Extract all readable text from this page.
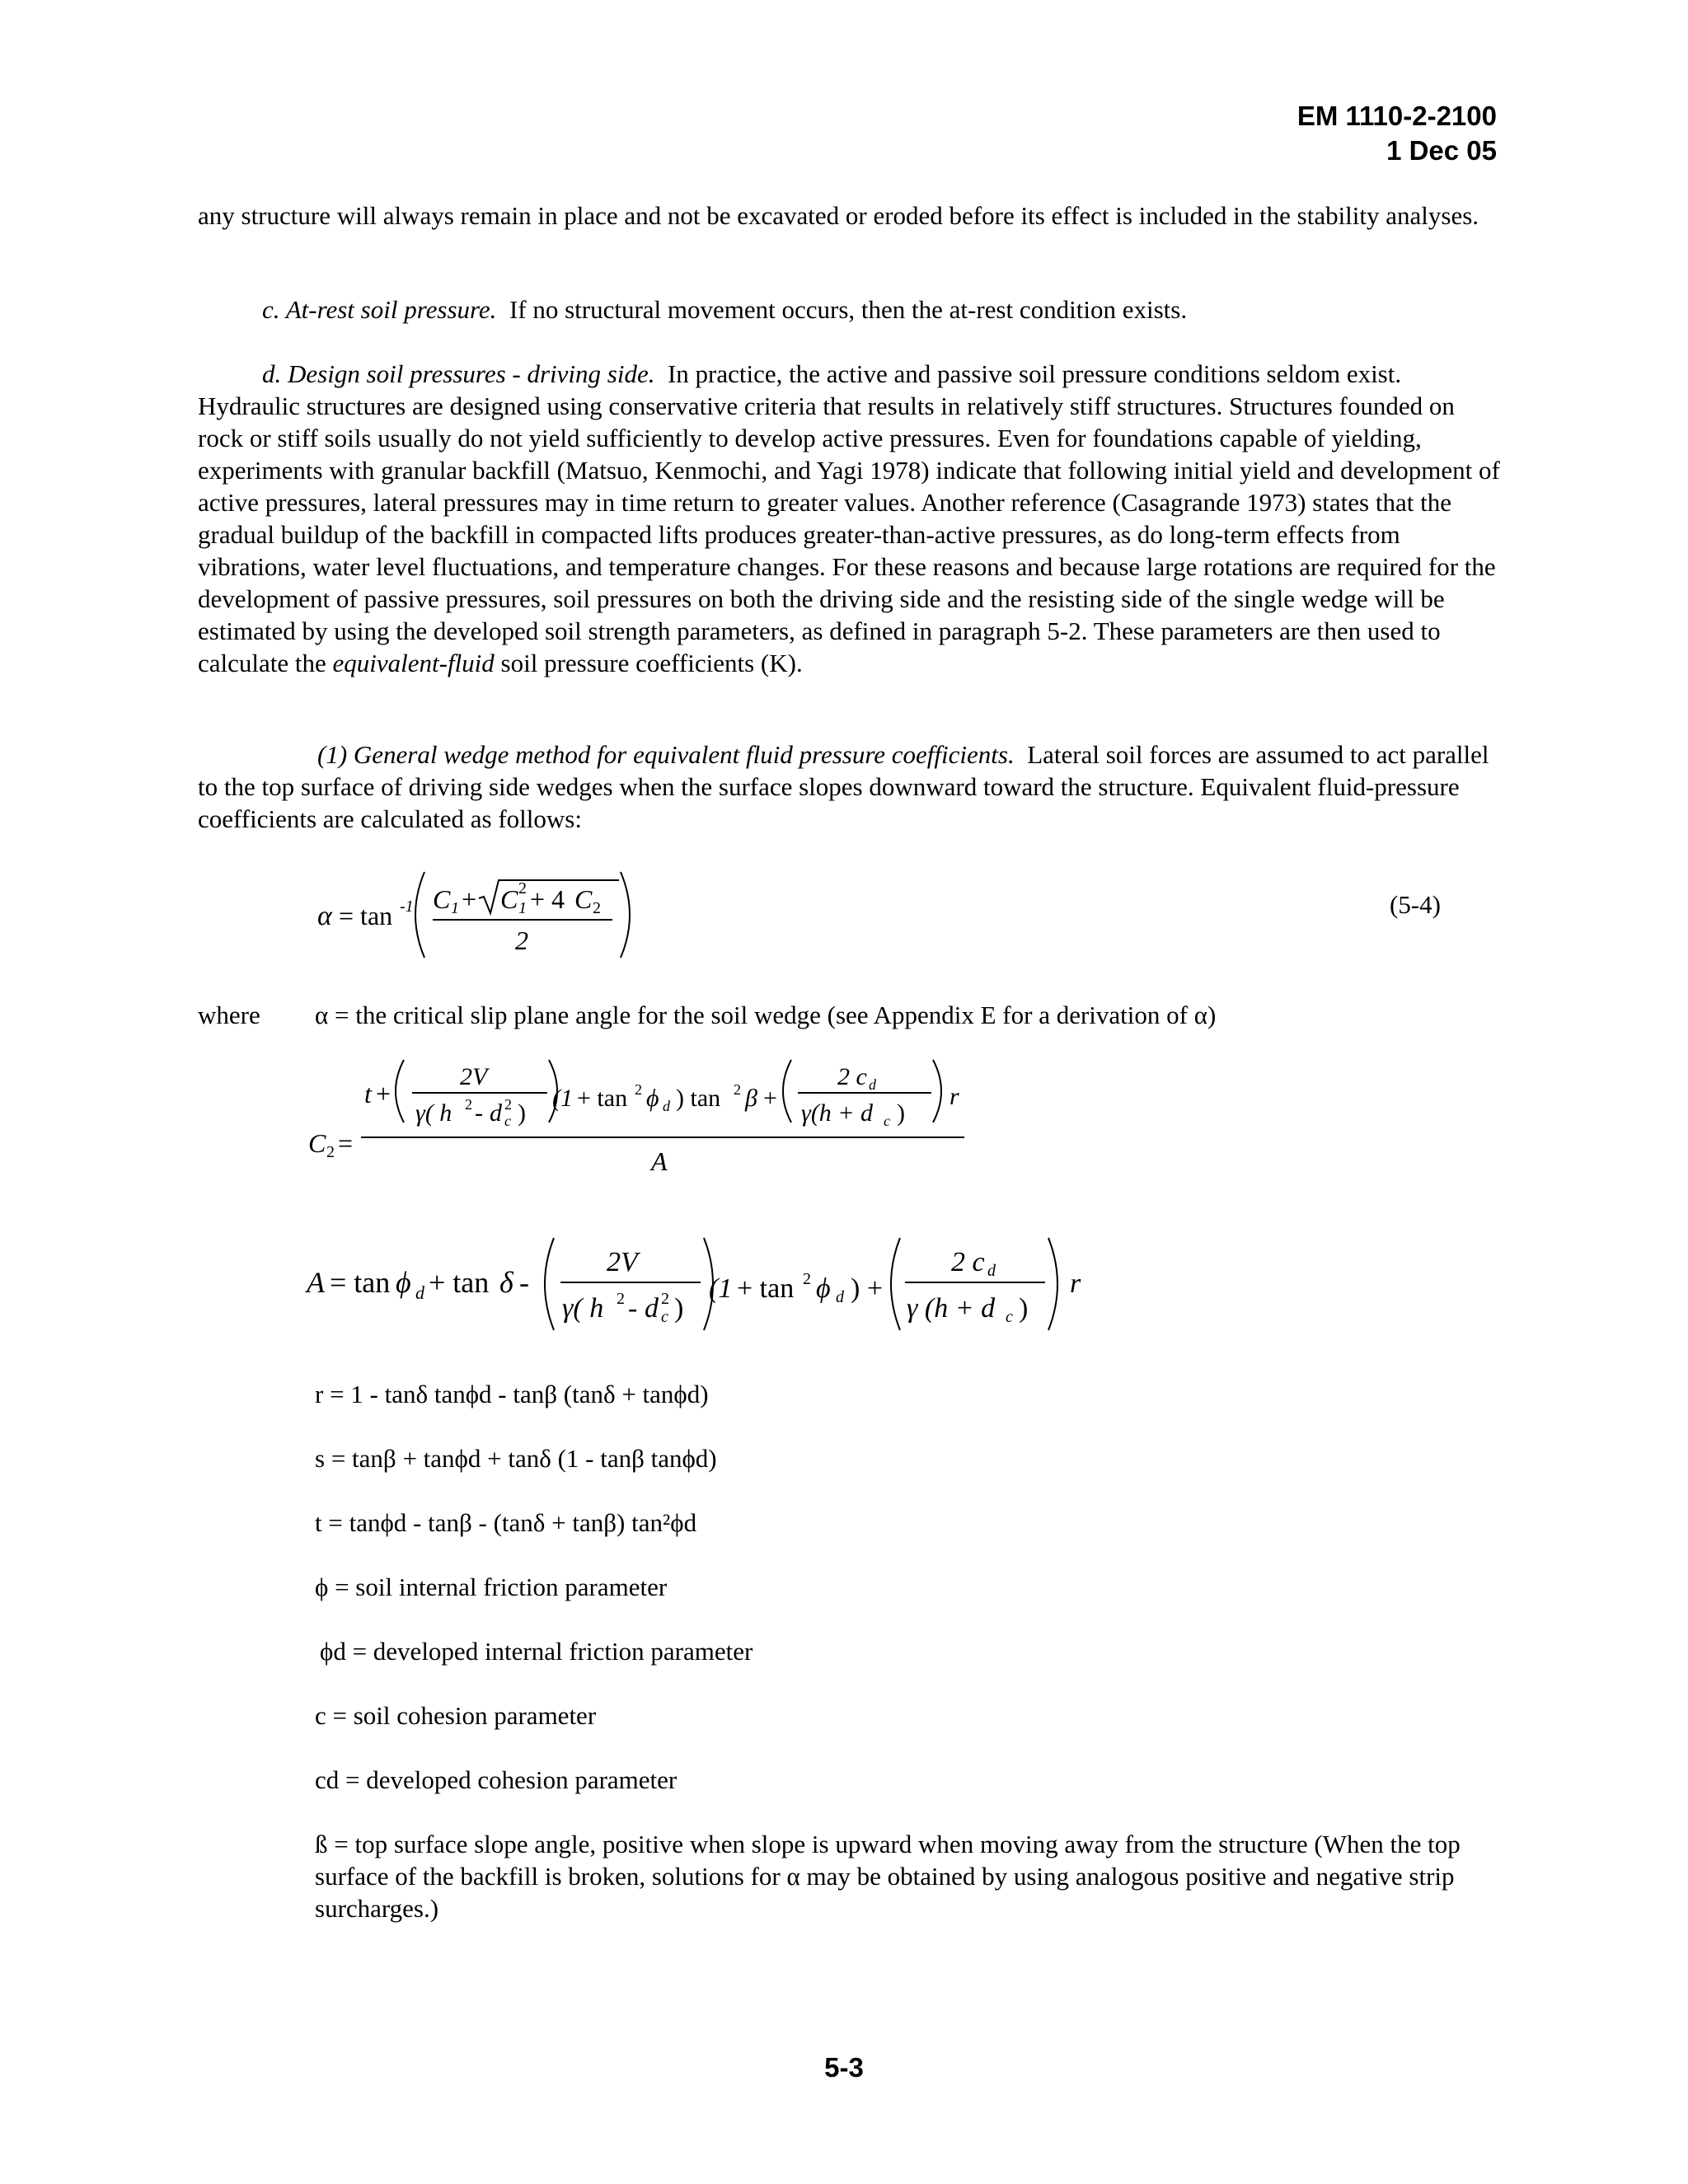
EM 1110-2-2100
1 Dec 05

any structure will always remain in place and not be excavated or eroded before its effect is included in the stability analyses.

c. At-rest soil pressure. If no structural movement occurs, then the at-rest condition exists.

d. Design soil pressures - driving side. In practice, the active and passive soil pressure conditions seldom exist. Hydraulic structures are designed using conservative criteria that results in relatively stiff structures. Structures founded on rock or stiff soils usually do not yield sufficiently to develop active pressures. Even for foundations capable of yielding, experiments with granular backfill (Matsuo, Kenmochi, and Yagi 1978) indicate that following initial yield and development of active pressures, lateral pressures may in time return to greater values. Another reference (Casagrande 1973) states that the gradual buildup of the backfill in compacted lifts produces greater-than-active pressures, as do long-term effects from vibrations, water level fluctuations, and temperature changes. For these reasons and because large rotations are required for the development of passive pressures, soil pressures on both the driving side and the resisting side of the single wedge will be estimated by using the developed soil strength parameters, as defined in paragraph 5-2. These parameters are then used to calculate the equivalent-fluid soil pressure coefficients (K).

(1) General wedge method for equivalent fluid pressure coefficients. Lateral soil forces are assumed to act parallel to the top surface of driving side wedges when the surface slopes downward toward the structure. Equivalent fluid-pressure coefficients are calculated as follows:

α = tan -1 C 1 + C 2
1 + 4 C 2
2
(5-4)
where	α = the critical slip plane angle for the soil wedge (see Appendix E for a derivation of α)
C 2 =
t +
2V
γ( h 2 - d 2
c )
(1 + tan 2 ϕ d ) tan 2 β +
2 c d
γ(h + d c )
r
A
A = tan ϕ d + tan δ -
2V
γ( h 2 - d 2
c )
(1 + tan 2 ϕ d ) +
2 c d
γ (h + d c )
r
r = 1 - tanδ tanϕd - tanβ (tanδ + tanϕd)
s = tanβ + tanϕd + tanδ (1 - tanβ tanϕd)
t = tanϕd - tanβ - (tanδ + tanβ) tan²ϕd
ϕ = soil internal friction parameter
ϕd = developed internal friction parameter
c = soil cohesion parameter
cd = developed cohesion parameter
ß = top surface slope angle, positive when slope is upward when moving away from the structure (When the top surface of the backfill is broken, solutions for α may be obtained by using analogous positive and negative strip surcharges.)
5-3
